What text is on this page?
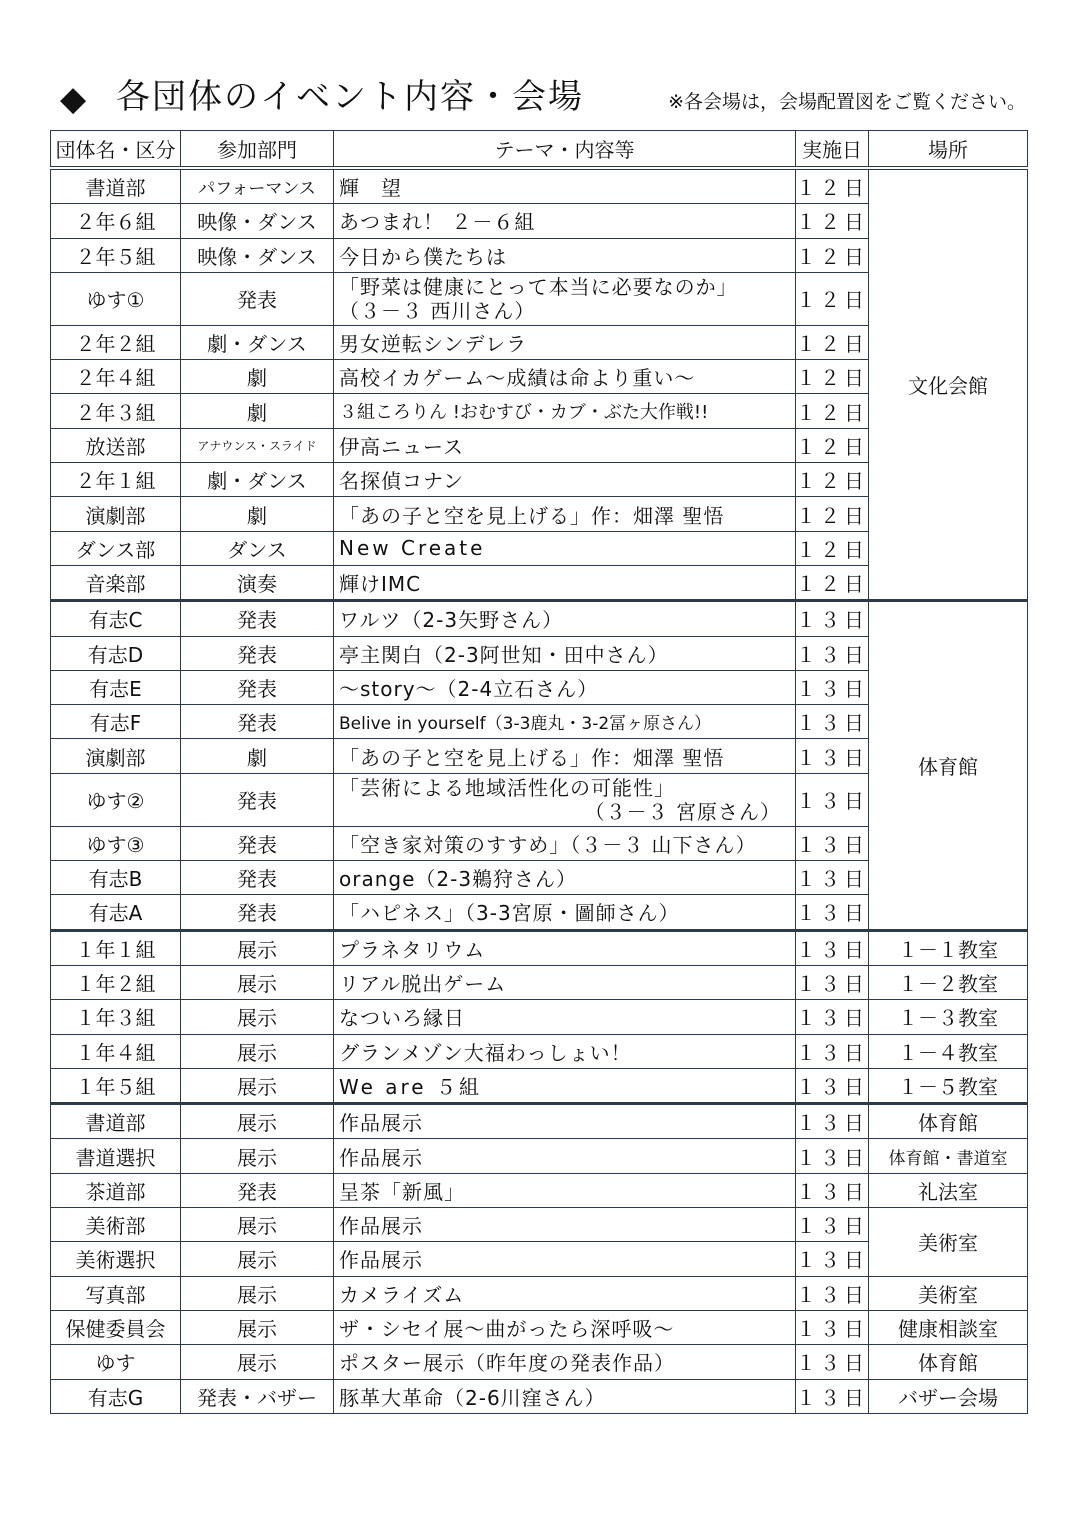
◆ 各団体のイベント内容・会場	※各会場は，会場配置図をご覧ください。
団体名・区分	参加部門	テーマ・内容等	実施日	場所
書道部	パフォーマンス	輝　望	１２日	文化会館
２年６組	映像・ダンス	あつまれ！ ２－６組	１２日	
２年５組	映像・ダンス	今日から僕たちは	１２日	
ゆす①	発表	「野菜は健康にとって本当に必要なのか」
（３－３ 西川さん）	１２日	
２年２組	劇・ダンス	男女逆転シンデレラ	１２日	
２年４組	劇	高校イカゲーム～成績は命より重い～	１２日	
２年３組	劇	３組ころりん !おむすび・カブ・ぶた大作戦!!	１２日	
放送部	アナウンス・スライド	伊高ニュース	１２日	
２年１組	劇・ダンス	名探偵コナン	１２日	
演劇部	劇	「あの子と空を見上げる」作：畑澤 聖悟	１２日	
ダンス部	ダンス	New Create	１２日	
音楽部	演奏	輝けIMC	１２日	
有志C	発表	ワルツ（2-3矢野さん）	１３日	体育館
有志D	発表	亭主関白（2-3阿世知・田中さん）	１３日	
有志E	発表	～story～（2-4立石さん）	１３日	
有志F	発表	Belive in yourself（3-3鹿丸・3-2冨ヶ原さん）	１３日	
演劇部	劇	「あの子と空を見上げる」作：畑澤 聖悟	１３日	
ゆす②	発表	「芸術による地域活性化の可能性」
（３－３ 宮原さん）	１３日	
ゆす③	発表	「空き家対策のすすめ」（３－３ 山下さん）	１３日	
有志B	発表	orange（2-3鵜狩さん）	１３日	
有志A	発表	「ハピネス」（3-3宮原・圖師さん）	１３日	
１年１組	展示	プラネタリウム	１３日	１－１教室
１年２組	展示	リアル脱出ゲーム	１３日	１－２教室
１年３組	展示	なついろ縁日	１３日	１－３教室
１年４組	展示	グランメゾン大福わっしょい！	１３日	１－４教室
１年５組	展示	We are ５組	１３日	１－５教室
書道部	展示	作品展示	１３日	体育館
書道選択	展示	作品展示	１３日	体育館・書道室
茶道部	発表	呈茶「新風」	１３日	礼法室
美術部	展示	作品展示	１３日	美術室
美術選択	展示	作品展示	１３日	
写真部	展示	カメライズム	１３日	美術室
保健委員会	展示	ザ・シセイ展～曲がったら深呼吸～	１３日	健康相談室
ゆす	展示	ポスター展示（昨年度の発表作品）	１３日	体育館
有志G	発表・バザー	豚革大革命（2-6川窪さん）	１３日	バザー会場
